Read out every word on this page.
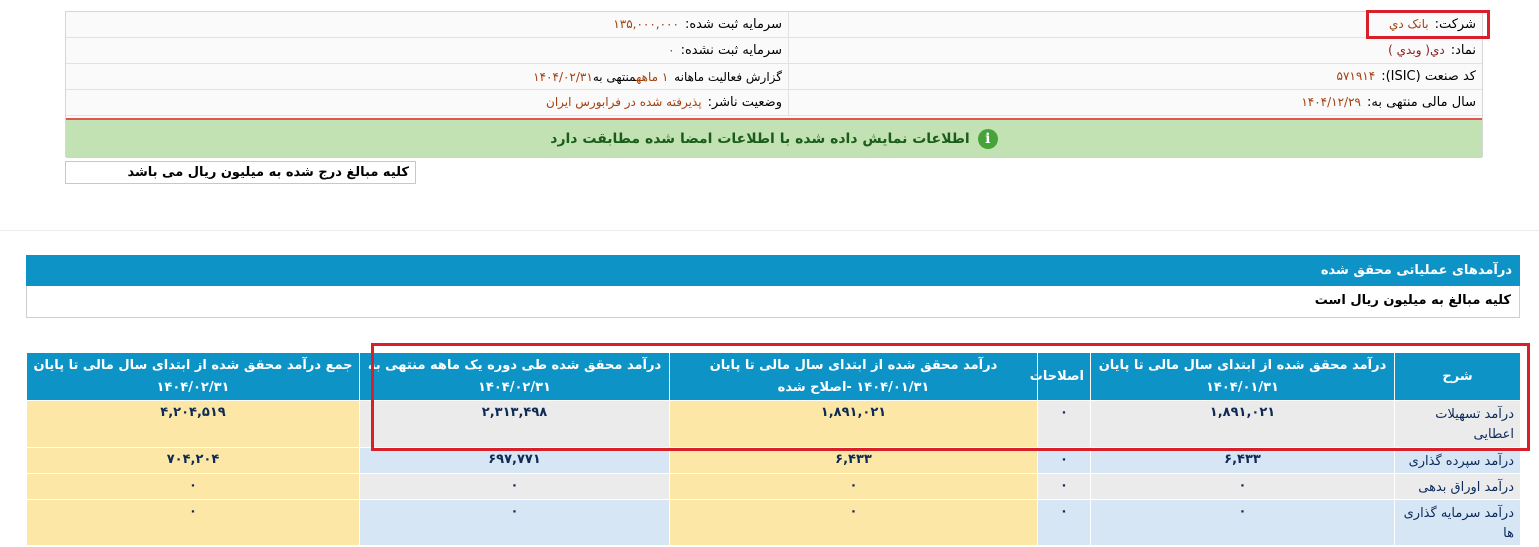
شرکت:بانک دي	سرمایه ثبت شده:۱۳۵,۰۰۰,۰۰۰
نماد:دي( وبدي )	سرمایه ثبت نشده:۰
کد صنعت (ISIC):۵۷۱۹۱۴	گزارش فعالیت ماهانه ۱ ماههمنتهی به۱۴۰۴/۰۲/۳۱
سال مالی منتهی به:۱۴۰۴/۱۲/۲۹	وضعیت ناشر:پذیرفته شده در فرابورس ایران
i
اطلاعات نمایش داده شده با اطلاعات امضا شده مطابقت دارد
کلیه مبالغ درج شده به میلیون ریال می باشد
درآمدهای عملیاتی محقق شده
کلیه مبالغ به میلیون ریال است
شرح	درآمد محقق شده از ابتدای سال مالی تا پایان ۱۴۰۴/۰۱/۳۱	اصلاحات	درآمد محقق شده از ابتدای سال مالی تا پایان ۱۴۰۴/۰۱/۳۱ -اصلاح شده	درآمد محقق شده طی دوره یک ماهه منتهی به ۱۴۰۴/۰۲/۳۱	جمع درآمد محقق شده از ابتدای سال مالی تا پایان ۱۴۰۴/۰۲/۳۱
درآمد تسهیلات اعطایی	۱,۸۹۱,۰۲۱	۰	۱,۸۹۱,۰۲۱	۲,۳۱۳,۴۹۸	۴,۲۰۴,۵۱۹
درآمد سپرده گذاری	۶,۴۳۳	۰	۶,۴۳۳	۶۹۷,۷۷۱	۷۰۴,۲۰۴
درآمد اوراق بدهی	۰	۰	۰	۰	۰
درآمد سرمایه گذاری ها	۰	۰	۰	۰	۰
